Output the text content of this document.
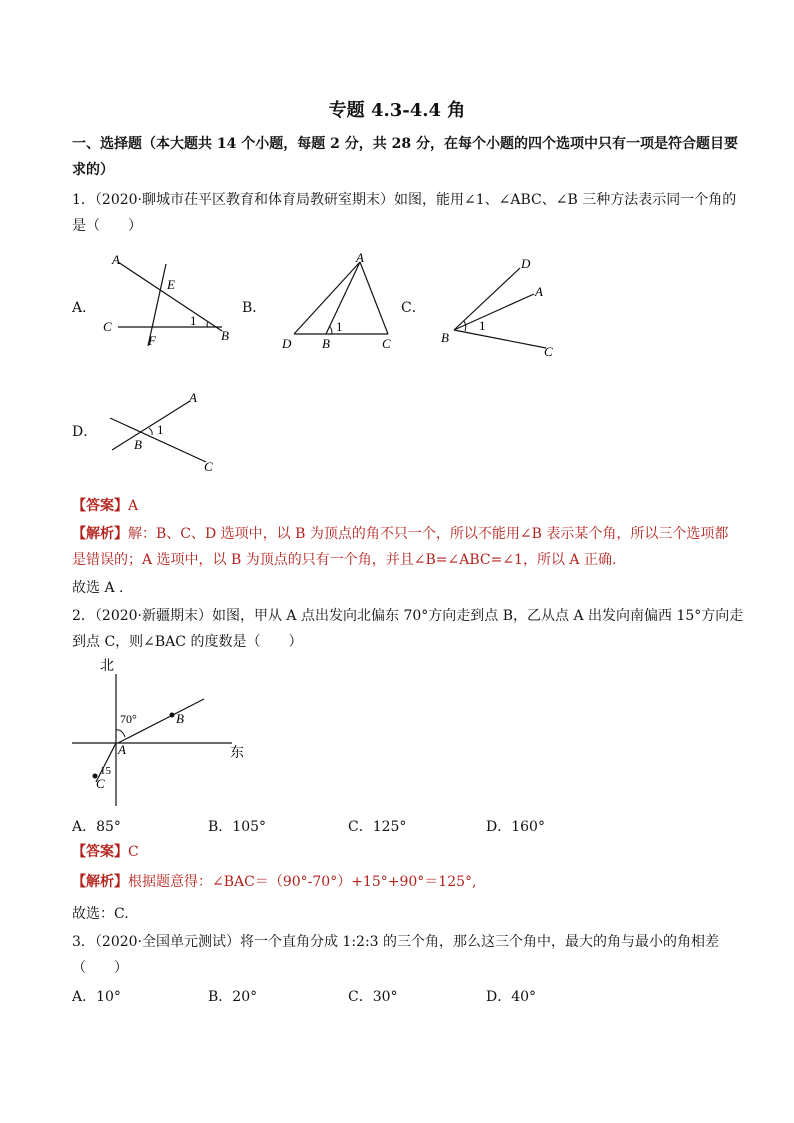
专题 4.3-4.4 角
一、选择题（本大题共 14 个小题，每题 2 分，共 28 分，在每个小题的四个选项中只有一项是符合题目要
求的）
1．（2020·聊城市茌平区教育和体育局教研室期末）如图，能用∠1、∠ABC、∠B 三种方法表示同一个角的
是（　　）
A．
A
E
C
F
1
B
B．
A
D B	C
1
C．
D
A
B
C
1
D．
A
B
C
1
【答案】A
【解析】解：B、C、D 选项中，以 B 为顶点的角不只一个，所以不能用∠B 表示某个角，所以三个选项都
是错误的；A 选项中，以 B 为顶点的只有一个角，并且∠B=∠ABC=∠1，所以 A 正确.
故选 A .
2．（2020·新疆期末）如图，甲从 A 点出发向北偏东 70°方向走到点 B，乙从点 A 出发向南偏西 15°方向走
到点 C，则∠BAC 的度数是（　　）
北
东
70°
A
B
C
15
A．85°	B．105°	C．125°	D．160°
【答案】C
【解析】根据题意得：∠BAC＝（90°-70°）+15°+90°＝125°,
故选：C.
3．（2020·全国单元测试）将一个直角分成 1:2:3 的三个角，那么这三个角中，最大的角与最小的角相差
（　　）
A．10°	B．20°	C．30°	D．40°
